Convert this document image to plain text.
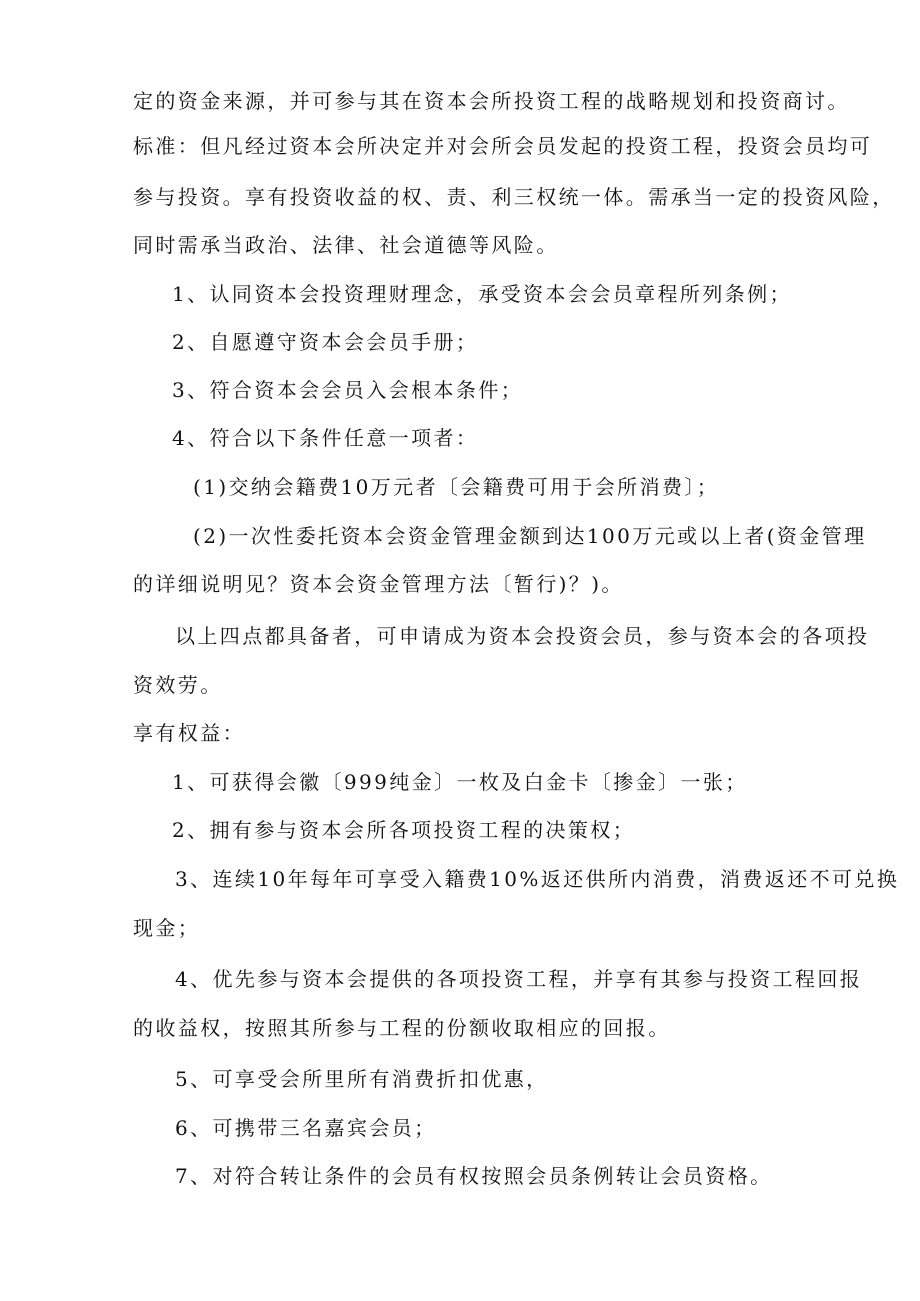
定的资金来源，并可参与其在资本会所投资工程的战略规划和投资商讨。
标准：但凡经过资本会所决定并对会所会员发起的投资工程，投资会员均可
参与投资。享有投资收益的权、责、利三权统一体。需承当一定的投资风险，
同时需承当政治、法律、社会道德等风险。
1、认同资本会投资理财理念，承受资本会会员章程所列条例；
2、自愿遵守资本会会员手册；
3、符合资本会会员入会根本条件；
4、符合以下条件任意一项者：
(1)交纳会籍费10万元者〔会籍费可用于会所消费〕；
(2)一次性委托资本会资金管理金额到达100万元或以上者(资金管理
的详细说明见？资本会资金管理方法〔暂行)？)。
以上四点都具备者，可申请成为资本会投资会员，参与资本会的各项投
资效劳。
享有权益：
1、可获得会徽〔999纯金〕一枚及白金卡〔掺金〕一张；
2、拥有参与资本会所各项投资工程的决策权；
3、连续10年每年可享受入籍费10%返还供所内消费，消费返还不可兑换
现金；
4、优先参与资本会提供的各项投资工程，并享有其参与投资工程回报
的收益权，按照其所参与工程的份额收取相应的回报。
5、可享受会所里所有消费折扣优惠，
6、可携带三名嘉宾会员；
7、对符合转让条件的会员有权按照会员条例转让会员资格。
